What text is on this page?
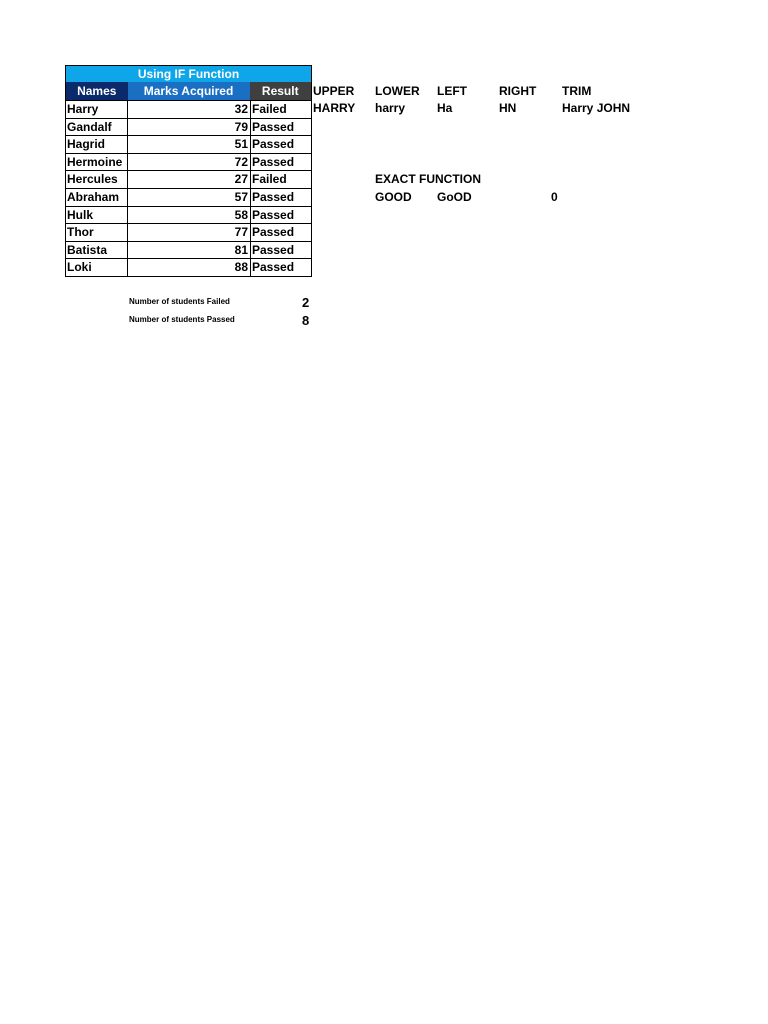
Using IF Function
Names	Marks Acquired	Result
Harry	32 Failed
Gandalf	79 Passed
Hagrid	51 Passed
Hermoine	72 Passed
Hercules	27 Failed
Abraham	57 Passed
Hulk	58 Passed
Thor	77 Passed
Batista	81 Passed
Loki	88 Passed
Number of students Failed	2
Number of students Passed	8
UPPER LOWER LEFT	RIGHT TRIM
HARRY harry	Ha	HN	Harry JOHN
EXACT FUNCTION
GOOD GoOD	0
